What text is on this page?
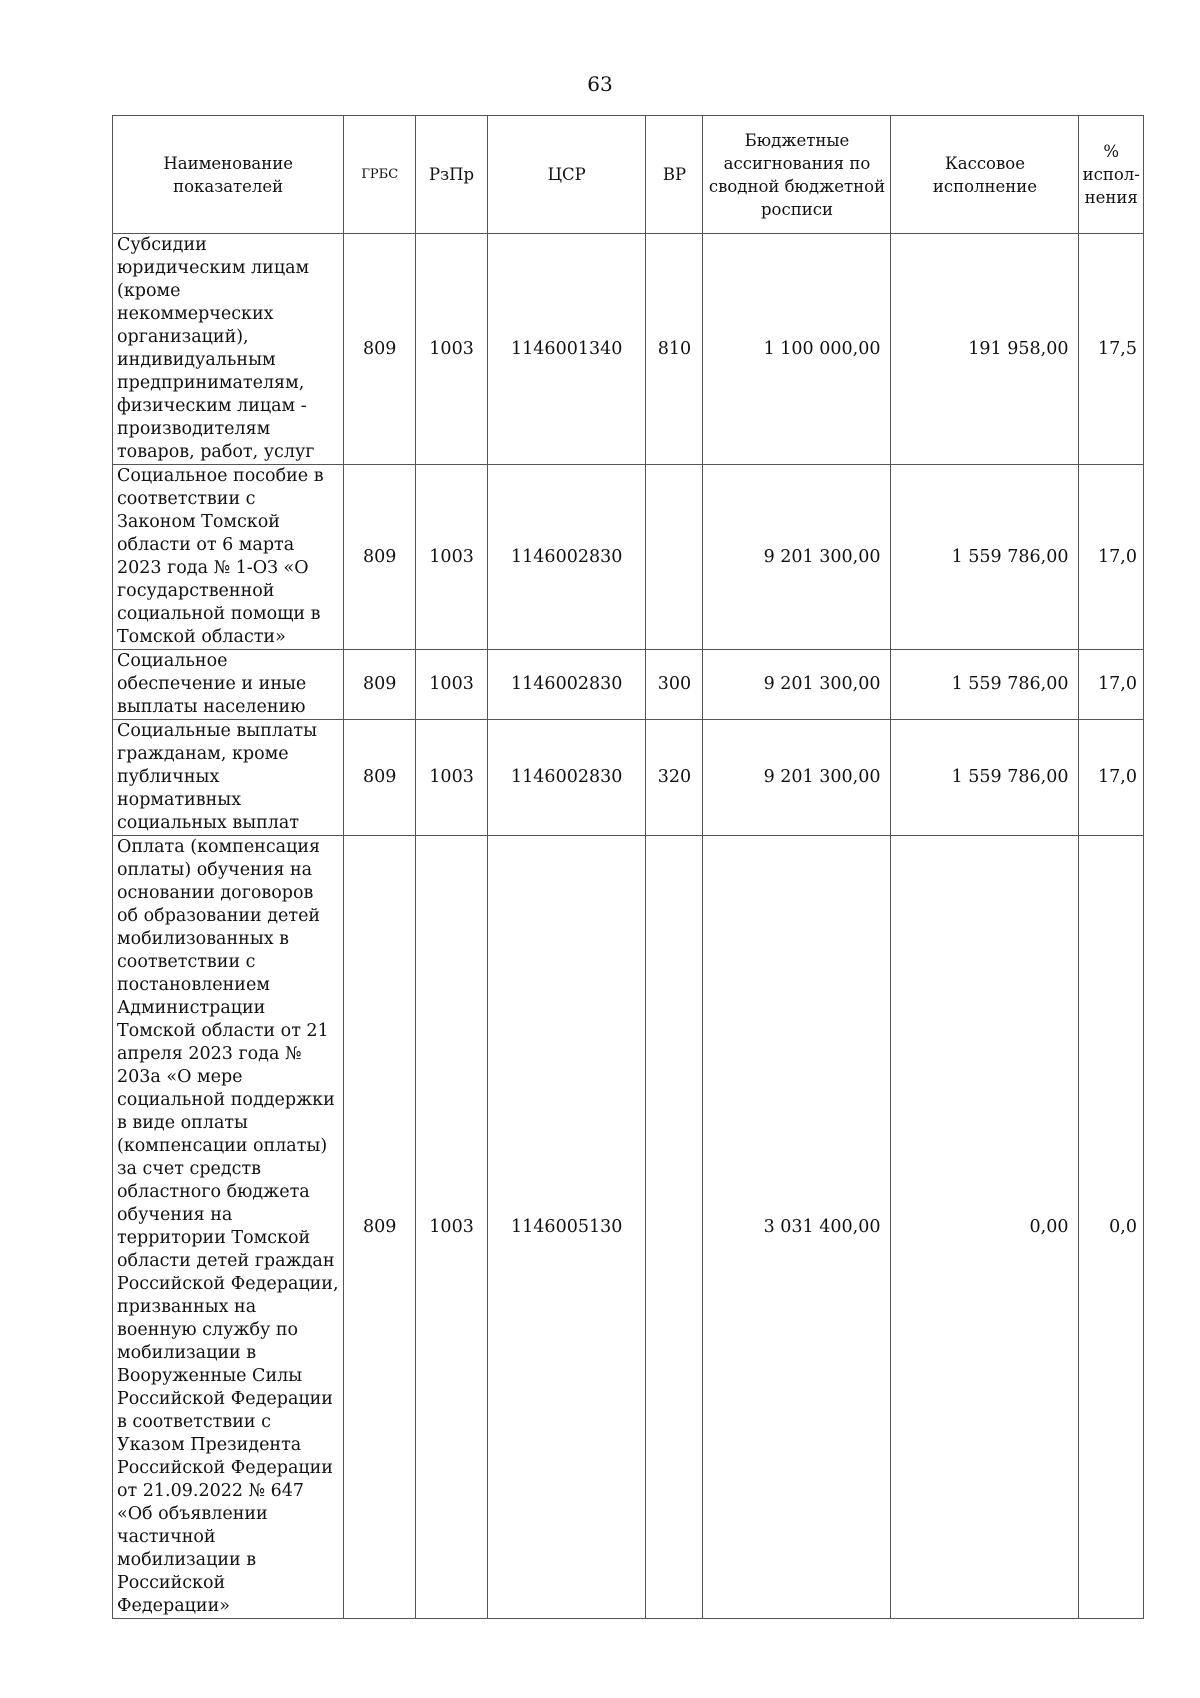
63
Наименование показателей	ГРБС	РзПр	ЦСР	ВР	Бюджетные ассигнования по сводной бюджетной росписи	Кассовое исполнение	% испол-нения
Субсидии юридическим лицам (кроме некоммерческих организаций), индивидуальным предпринимателям, физическим лицам - производителям товаров, работ, услуг	809	1003	1146001340	810	1 100 000,00	191 958,00	17,5
Социальное пособие в соответствии с Законом Томской области от 6 марта 2023 года № 1-ОЗ «О государственной социальной помощи в Томской области»	809	1003	1146002830		9 201 300,00	1 559 786,00	17,0
Социальное обеспечение и иные выплаты населению	809	1003	1146002830	300	9 201 300,00	1 559 786,00	17,0
Социальные выплаты гражданам, кроме публичных нормативных социальных выплат	809	1003	1146002830	320	9 201 300,00	1 559 786,00	17,0
Оплата (компенсация оплаты) обучения на основании договоров об образовании детей мобилизованных в соответствии с постановлением Администрации Томской области от 21 апреля 2023 года № 203а «О мере социальной поддержки в виде оплаты (компенсации оплаты) за счет средств областного бюджета обучения на территории Томской области детей граждан Российской Федерации, призванных на военную службу по мобилизации в Вооруженные Силы Российской Федерации в соответствии с Указом Президента Российской Федерации от 21.09.2022 № 647 «Об объявлении частичной мобилизации в Российской Федерации»	809	1003	1146005130		3 031 400,00	0,00	0,0
